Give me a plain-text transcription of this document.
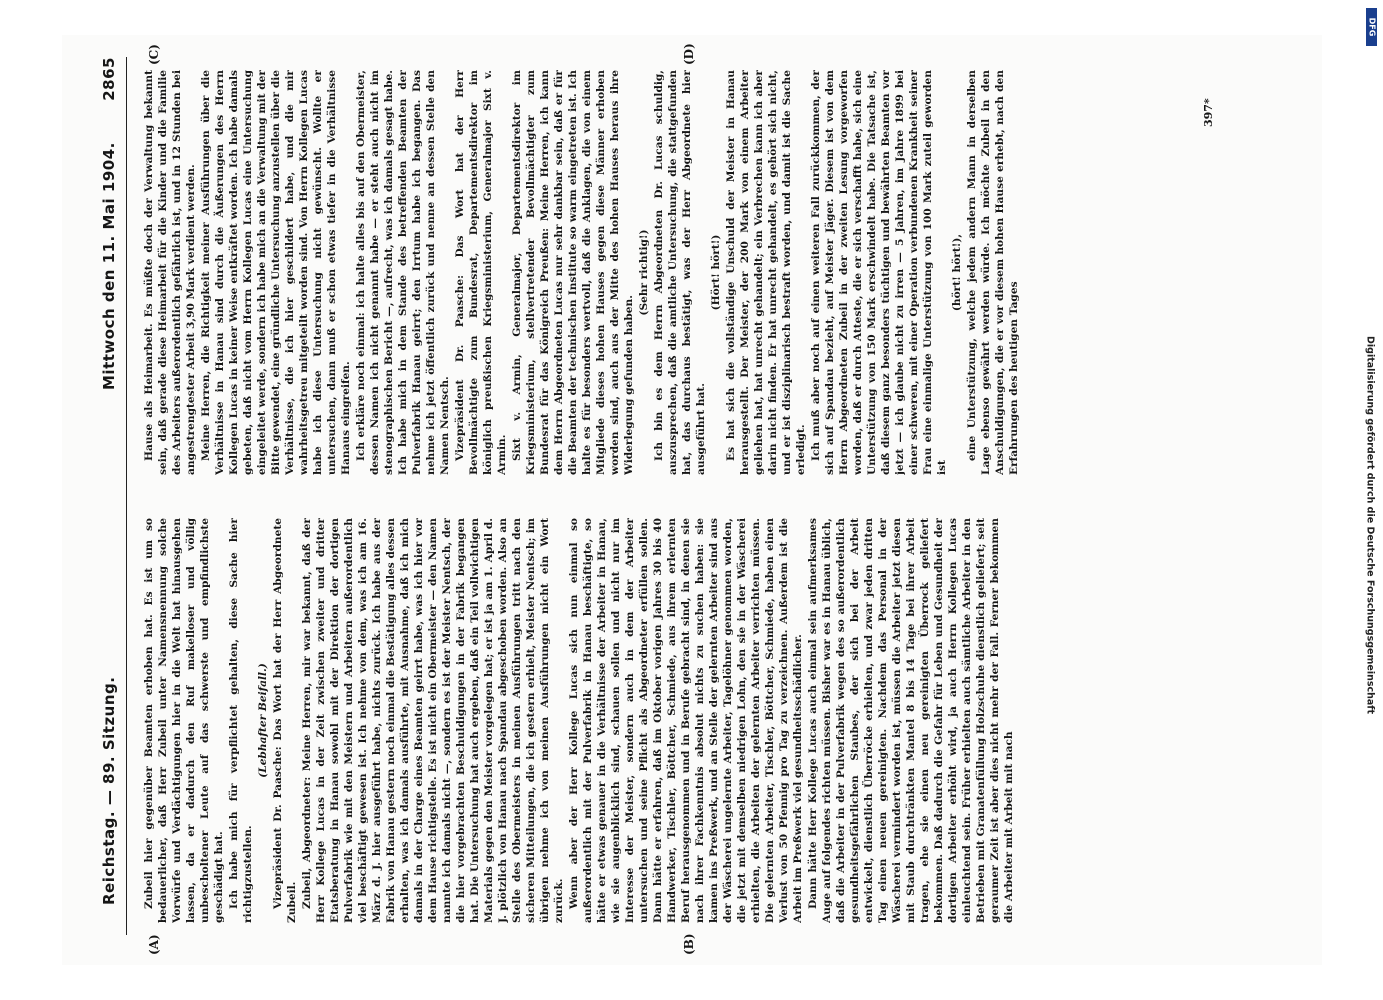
Reichstag. — 89. Sitzung.
Mittwoch den 11. Mai 1904.
2865
(A)	(B)
(C)	(D)

Zubeil hier gegenüber Beamten erhoben hat. Es ist um so bedauerlicher, daß Herr Zubeil unter Namensnennung solche Vorwürfe und Verdächtigungen hier in die Welt hat hinausgehen lassen, da er dadurch den Ruf makelloser und völlig unbescholtener Leute auf das schwerste und empfindlichste geschädigt hat. Ich habe mich für verpflichtet gehalten, diese Sache hier richtigzustellen.

(Lebhafter Beifall.) Vizepräsident Dr. Paasche: Das Wort hat der Herr Abgeordnete Zubeil. Zubeil, Abgeordneter: Meine Herren, mir war bekannt, daß der Herr Kollege Lucas in der Zeit zwischen zweiter und dritter Etatsberatung in Hanau sowohl mit der Direktion der dortigen Pulverfabrik wie mit den Meistern und Arbeitern außerordentlich viel beschäftigt gewesen ist. Ich nehme von dem, was ich am 16. März d. J. hier ausgeführt habe, nichts zurück. Ich habe aus der Fabrik von Hanau gestern noch einmal die Bestätigung alles dessen erhalten, was ich damals ausführte, mit Ausnahme, daß ich mich damals in der Charge eines Beamten geirrt habe, was ich hier vor dem Hause richtigstelle. Es ist nicht ein Obermeister — den Namen nannte ich damals nicht —, sondern es ist der Meister Nentsch, der die hier vorgebrachten Beschuldigungen in der Fabrik begangen hat. Die Untersuchung hat auch ergeben, daß ein Teil vollwichtigen Materials gegen den Meister vorgelegen hat; er ist ja am 1. April d. J. plötzlich von Hanau nach Spandau abgeschoben worden. Also an Stelle des Obermeisters in meinen Ausführungen tritt nach den sicheren Mitteilungen, die ich gestern erhielt, Meister Nentsch; im übrigen nehme ich von meinen Ausführungen nicht ein Wort zurück. Wenn aber der Herr Kollege Lucas sich nun einmal so außerordentlich mit der Pulverfabrik in Hanau beschäftigte, so hätte er etwas genauer in die Verhältnisse der Arbeiter in Hanau, wie sie augenblicklich sind, schauen sollen und nicht nur im Interesse der Meister, sondern auch in dem der Arbeiter untersuchen und seine Pflicht als Abgeordneter erfüllen sollen. Dann hätte er erfahren, daß im Oktober vorigen Jahres 30 bis 40 Handwerker, Tischler, Böttcher, Schmiede, aus ihrem erlernten Beruf herausgenommen und in Berufe gebracht sind, in denen sie nach ihrer Fachkenntnis absolut nichts zu suchen haben: sie kamen ins Preßwerk, und an Stelle der gelernten Arbeiter sind aus der Wäscherei ungelernte Arbeiter, Tagelöhner genommen worden, die jetzt mit demselben niedrigen Lohn, den sie in der Wäscherei erhielten, die Arbeiten der gelernten Arbeiter verrichten müssen. Die gelernten Arbeiter, Tischler, Böttcher, Schmiede, haben einen Verlust von 50 Pfennig pro Tag zu verzeichnen. Außerdem ist die Arbeit im Preßwerk viel gesundheitsschädlicher. Dann hätte Herr Kollege Lucas auch einmal sein aufmerksames Auge auf folgendes richten müssen. Bisher war es in Hanau üblich, daß die Arbeiter in der Pulverfabrik wegen des so außerordentlich gesundheitsgefährlichen Staubes, der sich bei der Arbeit entwickelt, dienstlich Überröcke erhielten, und zwar jeden dritten Tag einen neuen gereinigten. Nachdem das Personal in der Wäscherei vermindert worden ist, müssen die Arbeiter jetzt diesen mit Staub durchtränkten Mantel 8 bis 14 Tage bei ihrer Arbeit tragen, ehe sie einen neu gereinigten Überrock geliefert bekommen. Daß dadurch die Gefahr für Leben und Gesundheit der dortigen Arbeiter erhöht wird, ja auch Herrn Kollegen Lucas einleuchtend sein. Früher erhielten auch sämtliche Arbeiter in den Betrieben mit Granatenfüllung Holzschuhe dienstlich geliefert; seit geraumer Zeit ist aber dies nicht mehr der Fall. Ferner bekommen die Arbeiter mit Arbeit mit nach

Hause als Heimarbeit. Es müßte doch der Verwaltung bekannt sein, daß gerade diese Heimarbeit für die Kinder und die Familie des Arbeiters außerordentlich gefährlich ist, und in 12 Stunden bei angestrengtester Arbeit 3,90 Mark verdient werden. Meine Herren, die Richtigkeit meiner Ausführungen über die Verhältnisse in Hanau sind durch die Äußerungen des Herrn Kollegen Lucas in keiner Weise entkräftet worden. Ich habe damals gebeten, daß nicht vom Herrn Kollegen Lucas eine Untersuchung eingeleitet werde, sondern ich habe mich an die Verwaltung mit der Bitte gewendet, eine gründliche Untersuchung anzustellen über die Verhältnisse, die ich hier geschildert habe, und die mir wahrheitsgetreu mitgeteilt worden sind. Von Herrn Kollegen Lucas habe ich diese Untersuchung nicht gewünscht. Wollte er untersuchen, dann muß er schon etwas tiefer in die Verhältnisse Hanaus eingreifen. Ich erkläre noch einmal: ich halte alles bis auf den Obermeister, dessen Namen ich nicht genannt habe — er steht auch nicht im stenographischen Bericht —, aufrecht, was ich damals gesagt habe. Ich habe mich in dem Stande des betreffenden Beamten der Pulverfabrik Hanau geirrt; den Irrtum habe ich begangen. Das nehme ich jetzt öffentlich zurück und nenne an dessen Stelle den Namen Nentsch. Vizepräsident Dr. Paasche: Das Wort hat der Herr Bevollmächtigte zum Bundesrat, Departementsdirektor im königlich preußischen Kriegsministerium, Generalmajor Sixt v. Armin. Sixt v. Armin, Generalmajor, Departementsdirektor im Kriegsministerium, stellvertretender Bevollmächtigter zum Bundesrat für das Königreich Preußen: Meine Herren, ich kann dem Herrn Abgeordneten Lucas nur sehr dankbar sein, daß er für die Beamten der technischen Institute so warm eingetreten ist. Ich halte es für besonders wertvoll, daß die Anklagen, die von einem Mitgliede dieses hohen Hauses gegen diese Männer erhoben worden sind, auch aus der Mitte des hohen Hauses heraus ihre Widerlegung gefunden haben.

(Sehr richtig!) Ich bin es dem Herrn Abgeordneten Dr. Lucas schuldig, auszusprechen, daß die amtliche Untersuchung, die stattgefunden hat, das durchaus bestätigt, was der Herr Abgeordnete hier ausgeführt hat.

(Hört! hört!) Es hat sich die vollständige Unschuld der Meister in Hanau herausgestellt. Der Meister, der 200 Mark von einem Arbeiter geliehen hat, hat unrecht gehandelt; ein Verbrechen kann ich aber darin nicht finden. Er hat unrecht gehandelt, es gehört sich nicht, und er ist disziplinarisch bestraft worden, und damit ist die Sache erledigt. Ich muß aber noch auf einen weiteren Fall zurückkommen, der sich auf Spandau bezieht, auf Meister Jäger. Diesem ist von dem Herrn Abgeordneten Zubeil in der zweiten Lesung vorgeworfen worden, daß er durch Atteste, die er sich verschafft habe, sich eine Unterstützung von 150 Mark erschwindelt habe. Die Tatsache ist, daß diesem ganz besonders tüchtigen und bewährten Beamten vor jetzt — ich glaube nicht zu irren — 5 Jahren, im Jahre 1899 bei einer schweren, mit einer Operation verbundenen Krankheit seiner Frau eine einmalige Unterstützung von 100 Mark zuteil geworden ist

(hört! hört!), eine Unterstützung, welche jedem andern Mann in derselben Lage ebenso gewährt werden würde. Ich möchte Zubeil in den Anschuldigungen, die er vor diesem hohen Hause erhebt, nach den Erfahrungen des heutigen Tages

397*
DFG
Digitalisierung gefördert durch die Deutsche Forschungsgemeinschaft
